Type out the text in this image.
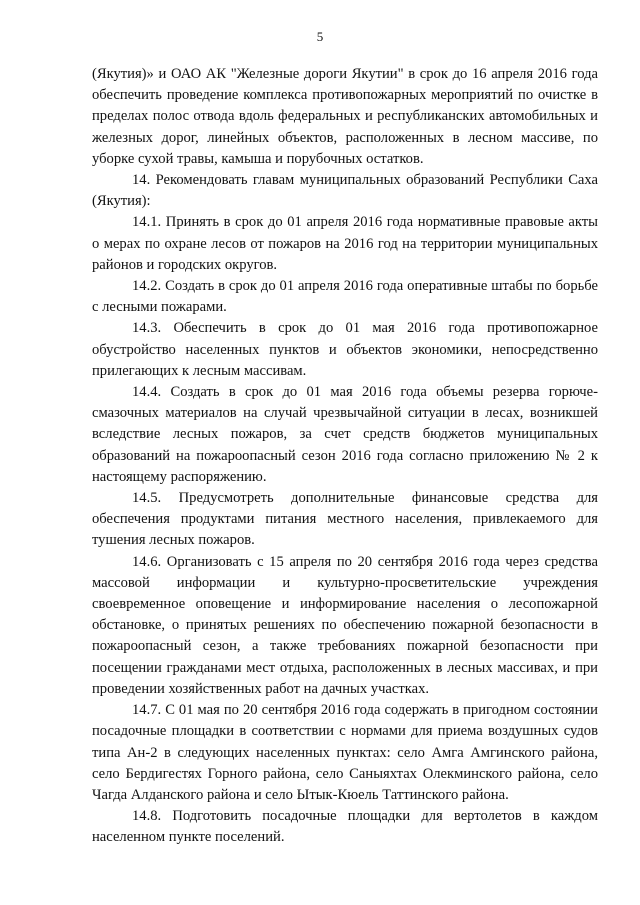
5

(Якутия)» и ОАО АК "Железные дороги Якутии" в срок до 16 апреля 2016 года обеспечить проведение комплекса противопожарных мероприятий по очистке в пределах полос отвода вдоль федеральных и республиканских автомобильных и железных дорог, линейных объектов, расположенных в лесном массиве, по уборке сухой травы, камыша и порубочных остатков.

14. Рекомендовать главам муниципальных образований Республики Саха (Якутия):

14.1. Принять в срок до 01 апреля 2016 года нормативные правовые акты о мерах по охране лесов от пожаров на 2016 год на территории муниципальных районов и городских округов.

14.2. Создать в срок до 01 апреля 2016 года оперативные штабы по борьбе с лесными пожарами.

14.3. Обеспечить в срок до 01 мая 2016 года противопожарное обустройство населенных пунктов и объектов экономики, непосредственно прилегающих к лесным массивам.

14.4. Создать в срок до 01 мая 2016 года объемы резерва горюче-смазочных материалов на случай чрезвычайной ситуации в лесах, возникшей вследствие лесных пожаров, за счет средств бюджетов муниципальных образований на пожароопасный сезон 2016 года согласно приложению № 2 к настоящему распоряжению.

14.5. Предусмотреть дополнительные финансовые средства для обеспечения продуктами питания местного населения, привлекаемого для тушения лесных пожаров.

14.6. Организовать с 15 апреля по 20 сентября 2016 года через средства массовой информации и культурно-просветительские учреждения своевременное оповещение и информирование населения о лесопожарной обстановке, о принятых решениях по обеспечению пожарной безопасности в пожароопасный сезон, а также требованиях пожарной безопасности при посещении гражданами мест отдыха, расположенных в лесных массивах, и при проведении хозяйственных работ на дачных участках.

14.7. С 01 мая по 20 сентября 2016 года содержать в пригодном состоянии посадочные площадки в соответствии с нормами для приема воздушных судов типа Ан-2 в следующих населенных пунктах: село Амга Амгинского района, село Бердигестях Горного района, село Саныяхтах Олекминского района, село Чагда Алданского района и село Ытык-Кюель Таттинского района.

14.8. Подготовить посадочные площадки для вертолетов в каждом населенном пункте поселений.
